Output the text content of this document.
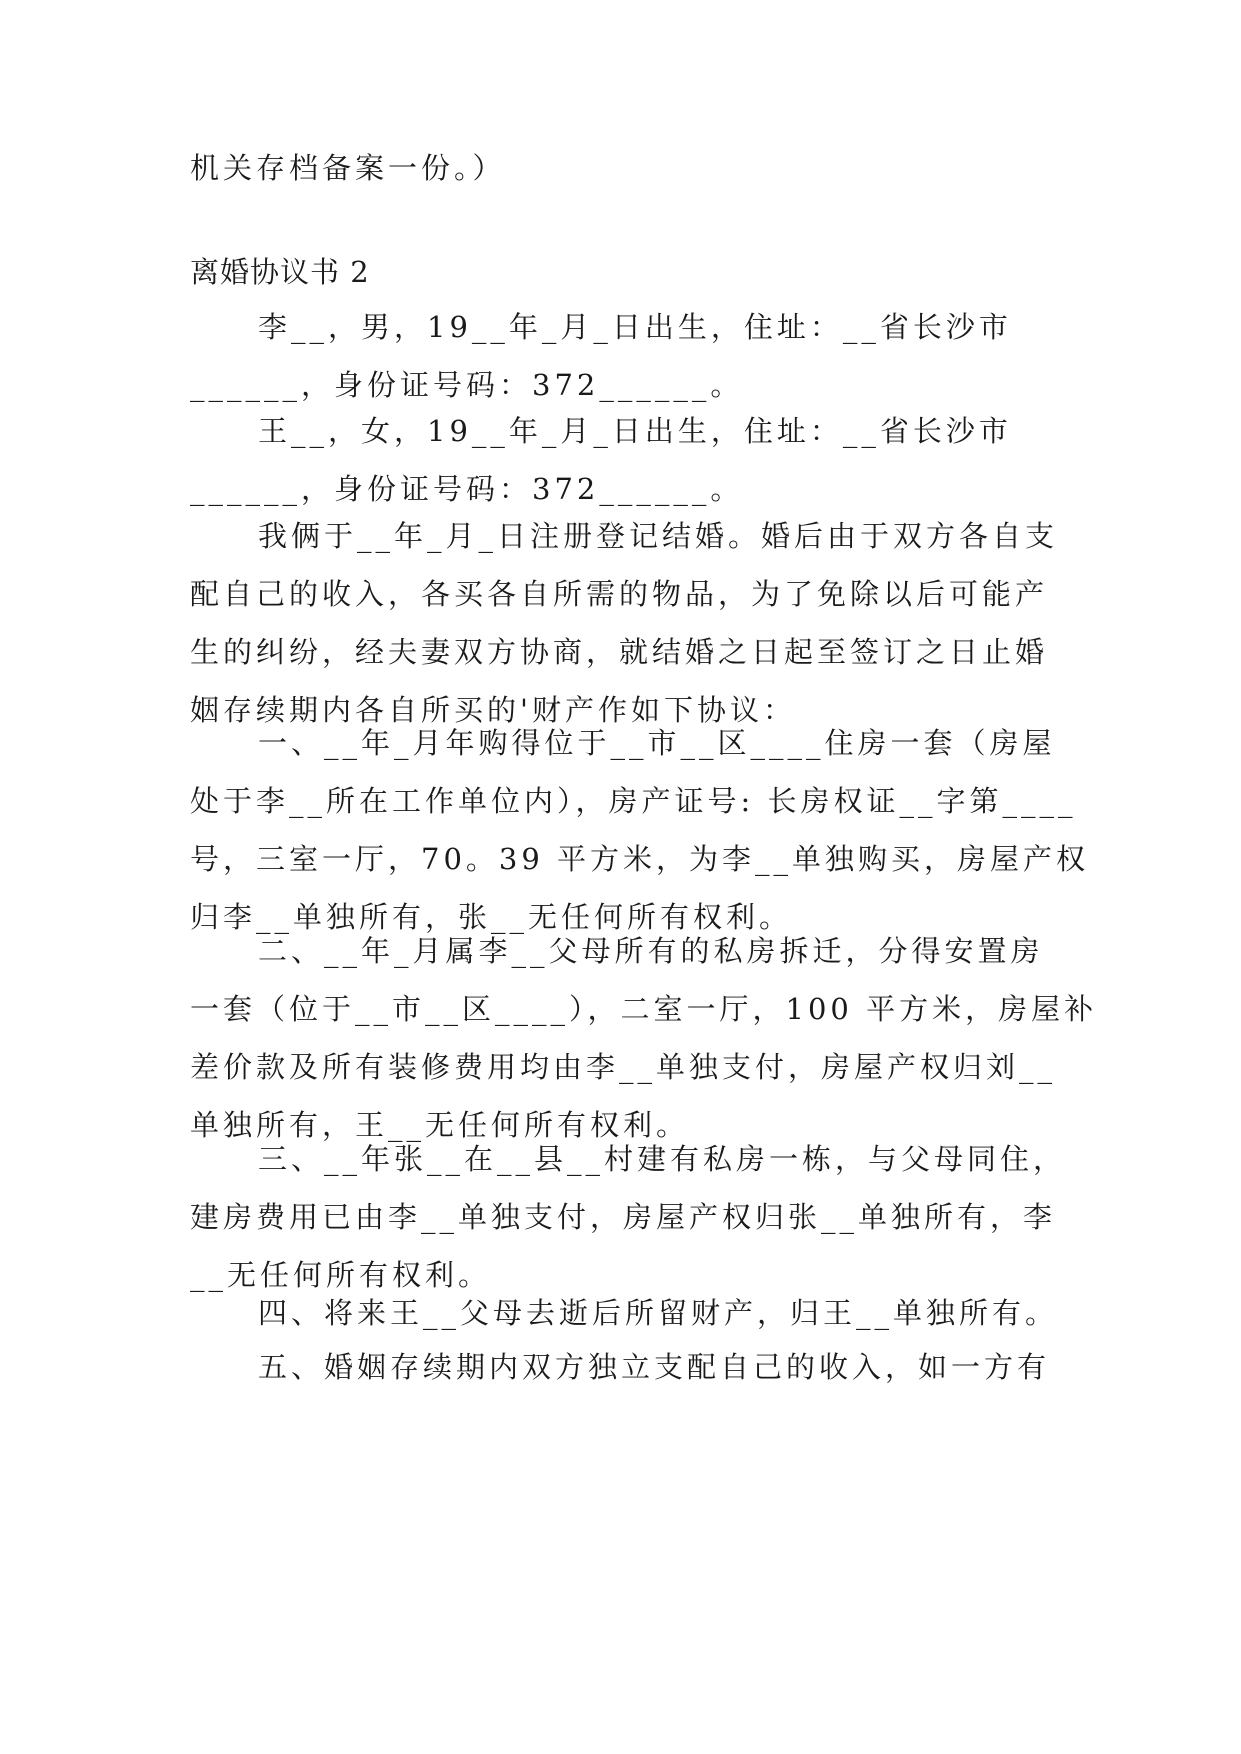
机关存档备案一份。）
离婚协议书 2
李__，男，19__年_月_日出生，住址：__省长沙市
______，身份证号码：372______。
王__，女，19__年_月_日出生，住址：__省长沙市
______，身份证号码：372______。
我俩于__年_月_日注册登记结婚。婚后由于双方各自支
配自己的收入，各买各自所需的物品，为了免除以后可能产
生的纠纷，经夫妻双方协商，就结婚之日起至签订之日止婚
姻存续期内各自所买的'财产作如下协议：
一、__年_月年购得位于__市__区____住房一套（房屋
处于李__所在工作单位内），房产证号: 长房权证__字第____
号，三室一厅，70。39 平方米，为李__单独购买，房屋产权
归李__单独所有，张__无任何所有权利。
二、__年_月属李__父母所有的私房拆迁，分得安置房
一套（位于__市__区____），二室一厅，100 平方米，房屋补
差价款及所有装修费用均由李__单独支付，房屋产权归刘__
单独所有，王__无任何所有权利。
三、__年张__在__县__村建有私房一栋，与父母同住，
建房费用已由李__单独支付，房屋产权归张__单独所有，李
__无任何所有权利。
四、将来王__父母去逝后所留财产，归王__单独所有。
五、婚姻存续期内双方独立支配自己的收入，如一方有
